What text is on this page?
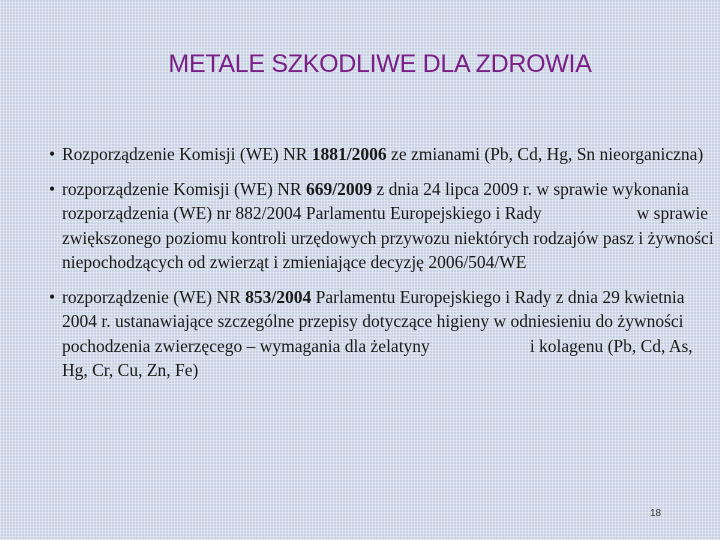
METALE SZKODLIWE DLA ZDROWIA
• Rozporządzenie Komisji (WE) NR 1881/2006 ze zmianami (Pb, Cd, Hg, Sn nieorganiczna)
• rozporządzenie Komisji (WE) NR 669/2009 z dnia 24 lipca 2009 r. w sprawie wykonania rozporządzenia (WE) nr 882/2004 Parlamentu Europejskiego i Rady	w sprawie zwiększonego poziomu kontroli urzędowych przywozu niektórych rodzajów pasz i żywności niepochodzących od zwierząt i zmieniające decyzję 2006/504/WE
• rozporządzenie (WE) NR 853/2004 Parlamentu Europejskiego i Rady z dnia 29 kwietnia 2004 r. ustanawiające szczególne przepisy dotyczące higieny w odniesieniu do żywności pochodzenia zwierzęcego – wymagania dla żelatyny	i kolagenu (Pb, Cd, As, Hg, Cr, Cu, Zn, Fe)
18
